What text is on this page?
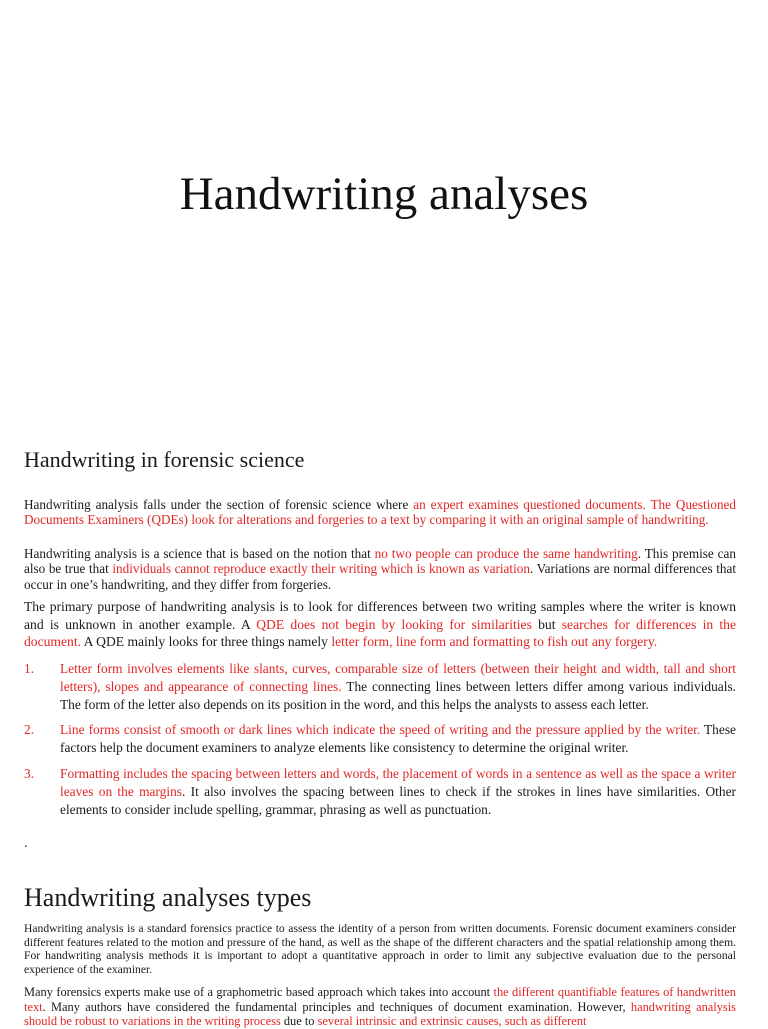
Handwriting analyses
Handwriting in forensic science

Handwriting analysis falls under the section of forensic science where an expert examines questioned documents. The Questioned Documents Examiners (QDEs) look for alterations and forgeries to a text by comparing it with an original sample of handwriting.

Handwriting analysis is a science that is based on the notion that no two people can produce the same handwriting. This premise can also be true that individuals cannot reproduce exactly their writing which is known as variation. Variations are normal differences that occur in one’s handwriting, and they differ from forgeries.

The primary purpose of handwriting analysis is to look for differences between two writing samples where the writer is known and is unknown in another example. A QDE does not begin by looking for similarities but searches for differences in the document. A QDE mainly looks for three things namely letter form, line form and formatting to fish out any forgery.

1. Letter form involves elements like slants, curves, comparable size of letters (between their height and width, tall and short letters), slopes and appearance of connecting lines. The connecting lines between letters differ among various individuals. The form of the letter also depends on its position in the word, and this helps the analysts to assess each letter.
2. Line forms consist of smooth or dark lines which indicate the speed of writing and the pressure applied by the writer. These factors help the document examiners to analyze elements like consistency to determine the original writer.
3. Formatting includes the spacing between letters and words, the placement of words in a sentence as well as the space a writer leaves on the margins. It also involves the spacing between lines to check if the strokes in lines have similarities. Other elements to consider include spelling, grammar, phrasing as well as punctuation.
.
Handwriting analyses types

Handwriting analysis is a standard forensics practice to assess the identity of a person from written documents. Forensic document examiners consider different features related to the motion and pressure of the hand, as well as the shape of the different characters and the spatial relationship among them. For handwriting analysis methods it is important to adopt a quantitative approach in order to limit any subjective evaluation due to the personal experience of the examiner.

Many forensics experts make use of a graphometric based approach which takes into account the different quantifiable features of handwritten text. Many authors have considered the fundamental principles and techniques of document examination. However, handwriting analysis should be robust to variations in the writing process due to several intrinsic and extrinsic causes, such as different
